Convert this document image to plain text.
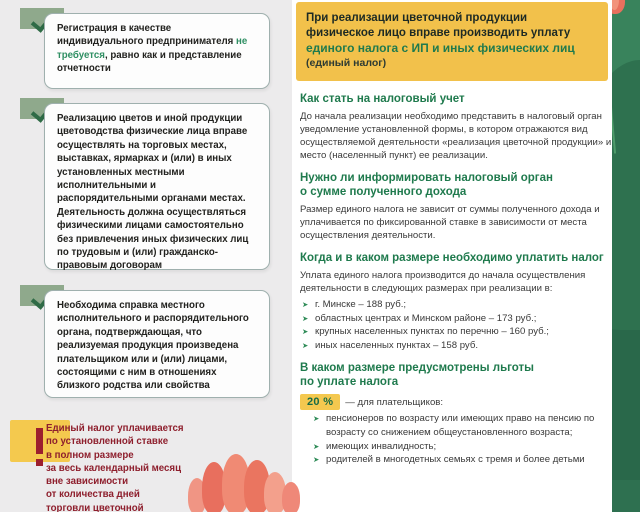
При реализации цветочной продукции
физическое лицо вправе производить уплату
единого налога с ИП и иных физических лиц
(единый налог)
Как стать на налоговый учет

До начала реализации необходимо представить в налоговый орган уведомление установленной формы, в котором отражаются вид осуществляемой деятельности «реализация цветочной продукции» и место (населенный пункт) ее реализации.

Нужно ли информировать налоговый орган
о сумме полученного дохода

Размер единого налога не зависит от суммы полученного дохода и уплачивается по фиксированной ставке в зависимости от места осуществления деятельности.

Когда и в каком размере необходимо уплатить налог

Уплата единого налога производится до начала осуществления деятельности в следующих размерах при реализации в:

➤ г. Минске – 188 руб.;
➤ областных центрах и Минском районе – 173 руб.;
➤ крупных населенных пунктах по перечню – 160 руб.;
➤ иных населенных пунктах – 158 руб.
В каком размере предусмотрены льготы
по уплате налога
20 %	— для плательщиков:
➤ пенсионеров по возрасту или имеющих право на пенсию по возрасту со снижением общеустановленного возраста;
➤ имеющих инвалидность;
➤ родителей в многодетных семьях с тремя и более детьми

Регистрация в качестве индивидуального предпринимателя не требуется, равно как и представление отчетности

Реализацию цветов и иной продукции цветоводства физические лица вправе осуществлять на торговых местах, выставках, ярмарках и (или) в иных установленных местными исполнительными и распорядительными органами местах. Деятельность должна осуществляться физическими лицами самостоятельно без привлечения иных физических лиц по трудовым и (или) гражданско-правовым договорам

Необходима справка местного исполнительного и распорядительного органа, подтверждающая, что реализуемая продукция произведена плательщиком или и (или) лицами, состоящими с ним в отношениях близкого родства или свойства

Единый налог уплачивается

по установленной ставке

в полном размере

за весь календарный месяц

вне зависимости

от количества дней

торговли цветочной
